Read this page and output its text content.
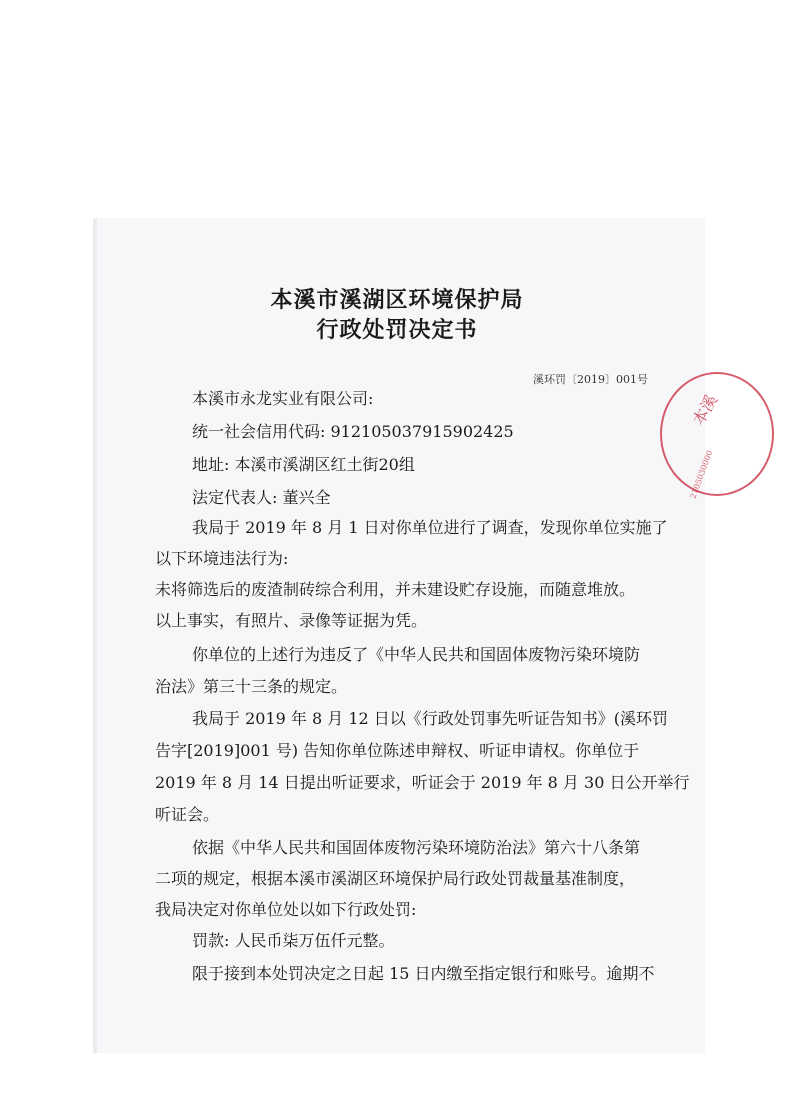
本溪市溪湖区环境保护局
行政处罚决定书
溪环罚〔2019〕001号
本溪市永龙实业有限公司:
统一社会信用代码: 912105037915902425
地址: 本溪市溪湖区红土街20组
法定代表人: 董兴全
我局于 2019 年 8 月 1 日对你单位进行了调查，发现你单位实施了
以下环境违法行为:
未将筛选后的废渣制砖综合利用，并未建设贮存设施，而随意堆放。
以上事实，有照片、录像等证据为凭。
你单位的上述行为违反了《中华人民共和国固体废物污染环境防
治法》第三十三条的规定。
我局于 2019 年 8 月 12 日以《行政处罚事先听证告知书》(溪环罚
告字[2019]001 号) 告知你单位陈述申辩权、听证申请权。你单位于
2019 年 8 月 14 日提出听证要求，听证会于 2019 年 8 月 30 日公开举行
听证会。
依据《中华人民共和国固体废物污染环境防治法》第六十八条第
二项的规定，根据本溪市溪湖区环境保护局行政处罚裁量基准制度，
我局决定对你单位处以如下行政处罚:
罚款: 人民币柒万伍仟元整。
限于接到本处罚决定之日起 15 日内缴至指定银行和账号。逾期不
本溪
2105030000
